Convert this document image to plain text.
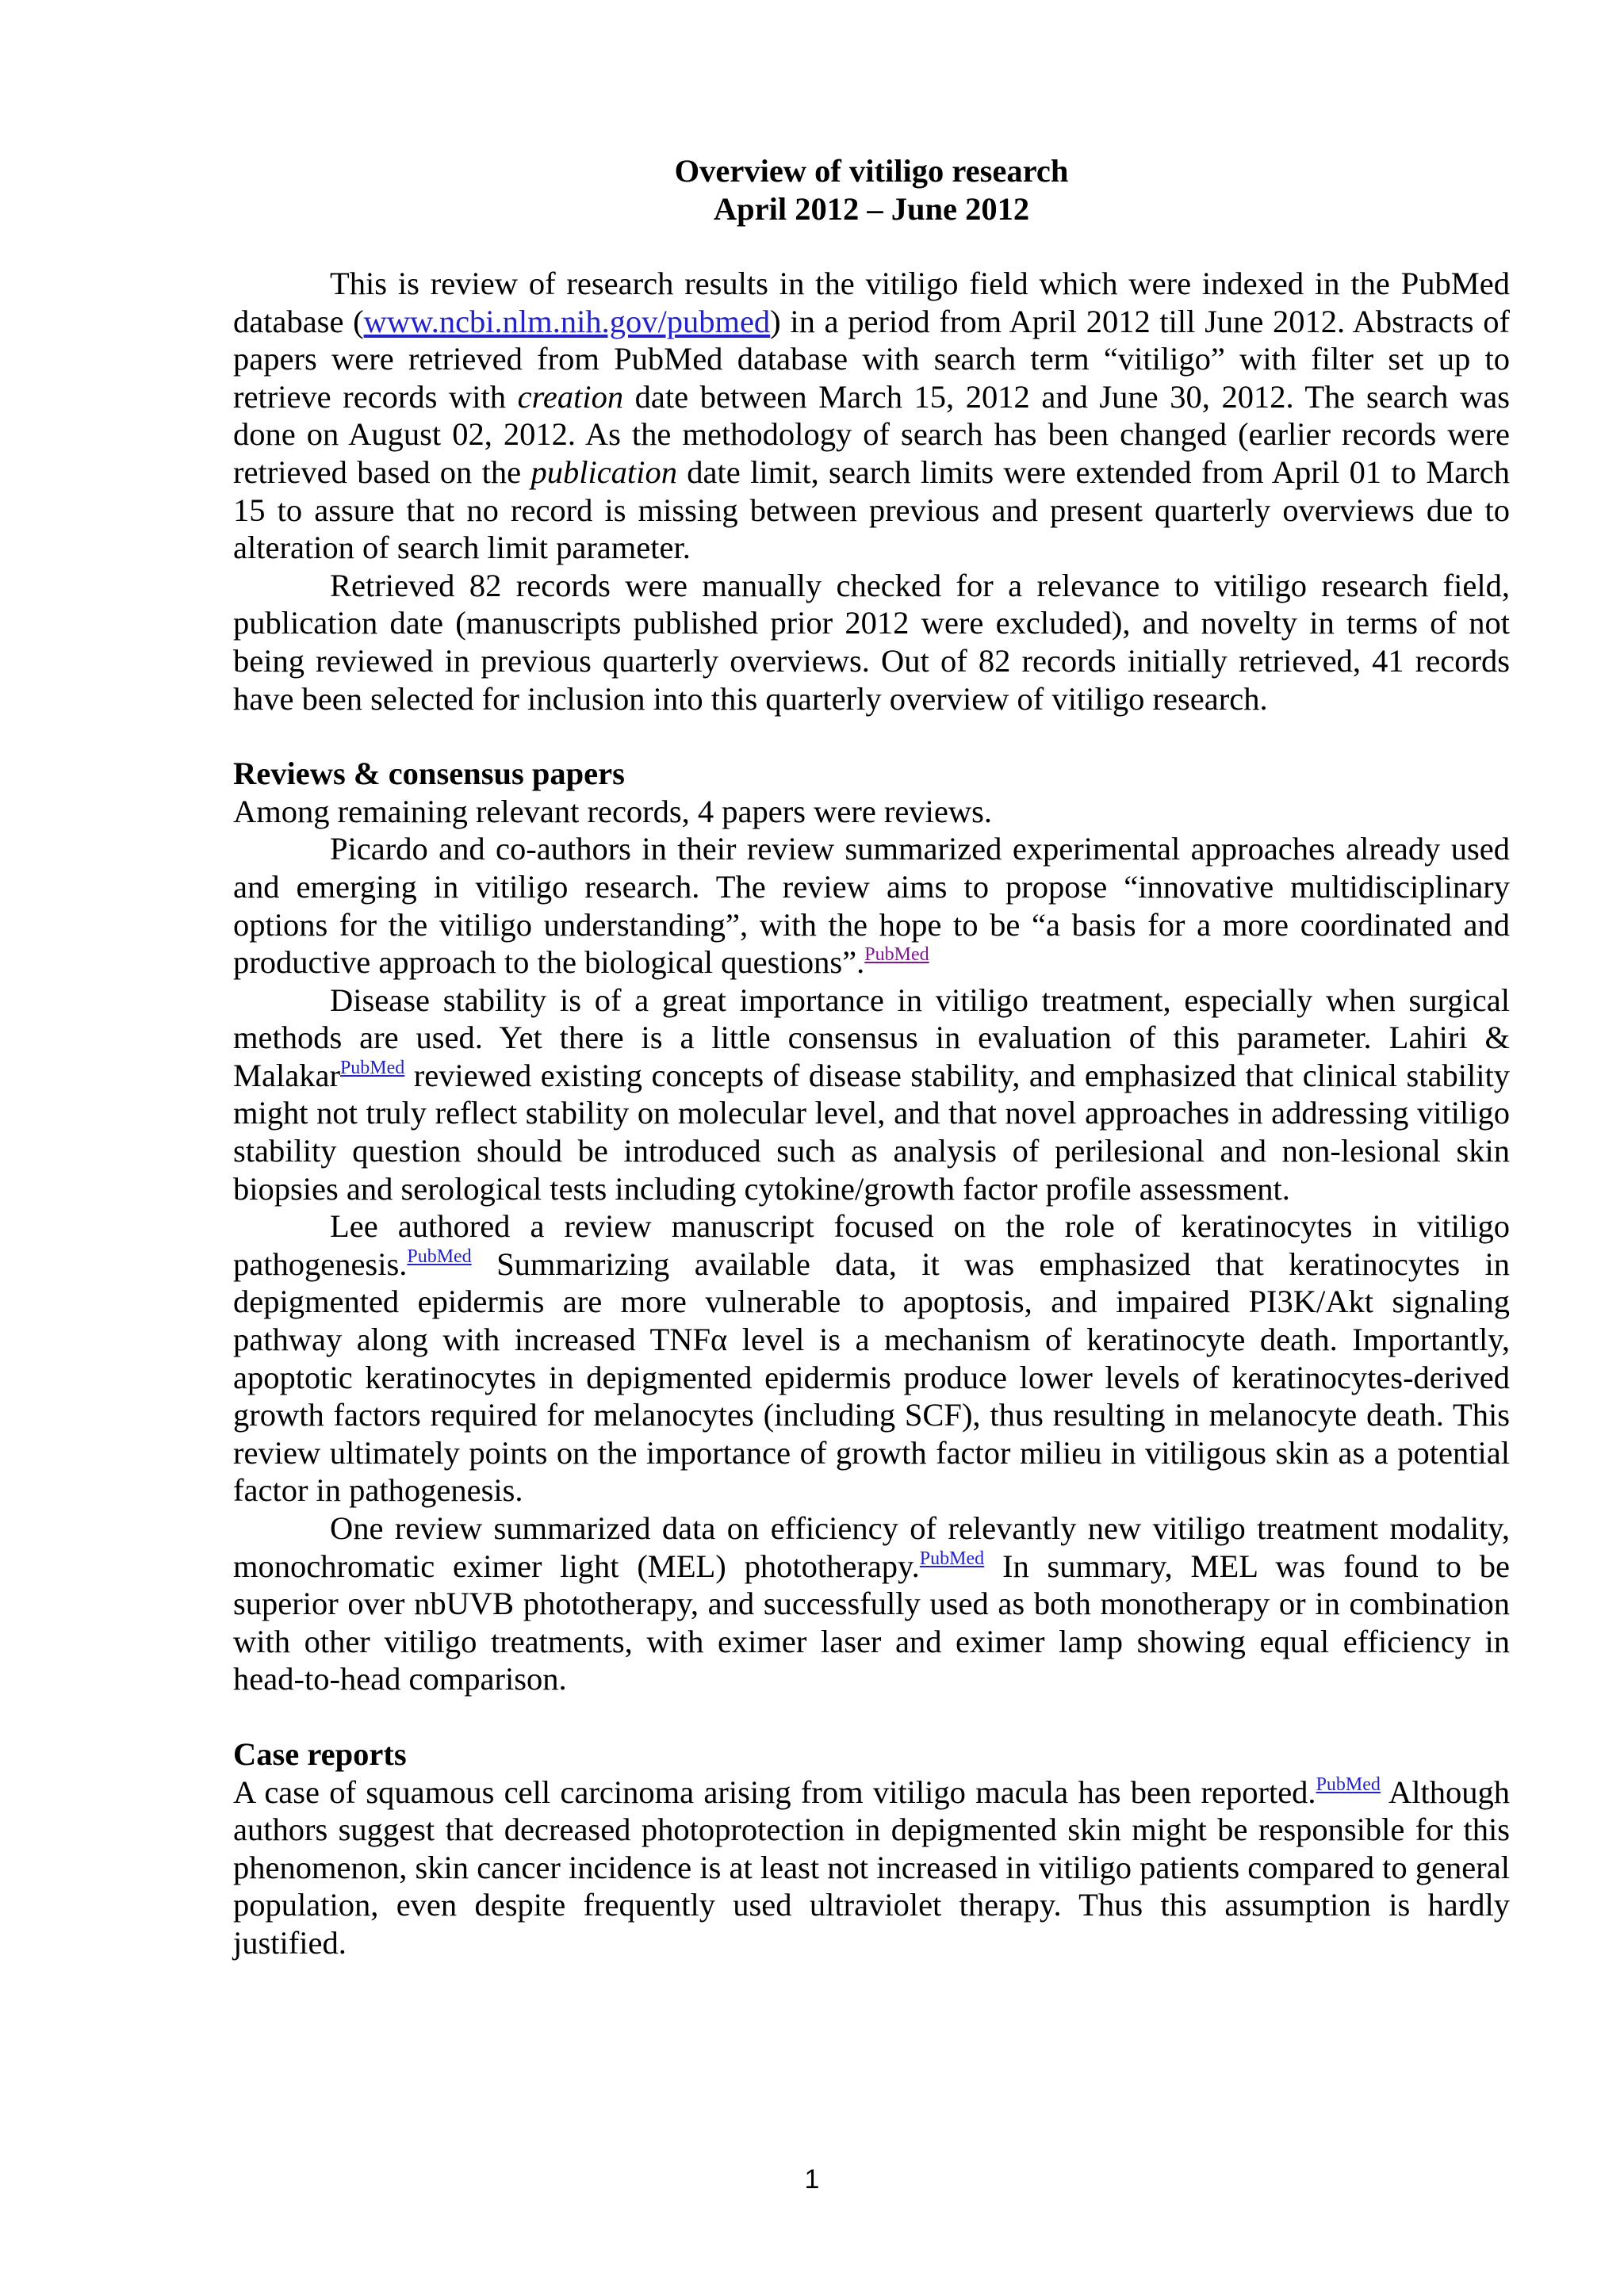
Overview of vitiligo research

April 2012 – June 2012

This is review of research results in the vitiligo field which were indexed in the PubMed database (www.ncbi.nlm.nih.gov/pubmed) in a period from April 2012 till June 2012. Abstracts of papers were retrieved from PubMed database with search term “vitiligo” with filter set up to retrieve records with creation date between March 15, 2012 and June 30, 2012. The search was done on August 02, 2012. As the methodology of search has been changed (earlier records were retrieved based on the publication date limit, search limits were extended from April 01 to March 15 to assure that no record is missing between previous and present quarterly overviews due to alteration of search limit parameter.

Retrieved 82 records were manually checked for a relevance to vitiligo research field, publication date (manuscripts published prior 2012 were excluded), and novelty in terms of not being reviewed in previous quarterly overviews. Out of 82 records initially retrieved, 41 records have been selected for inclusion into this quarterly overview of vitiligo research.

Reviews & consensus papers

Among remaining relevant records, 4 papers were reviews.

Picardo and co-authors in their review summarized experimental approaches already used and emerging in vitiligo research. The review aims to propose “innovative multidisciplinary options for the vitiligo understanding”, with the hope to be “a basis for a more coordinated and productive approach to the biological questions”.$^{PubMed}$

Disease stability is of a great importance in vitiligo treatment, especially when surgical methods are used. Yet there is a little consensus in evaluation of this parameter. Lahiri & Malakar$^{PubMed}$ reviewed existing concepts of disease stability, and emphasized that clinical stability might not truly reflect stability on molecular level, and that novel approaches in addressing vitiligo stability question should be introduced such as analysis of perilesional and non-lesional skin biopsies and serological tests including cytokine/growth factor profile assessment.

Lee authored a review manuscript focused on the role of keratinocytes in vitiligo pathogenesis.$^{PubMed}$ Summarizing available data, it was emphasized that keratinocytes in depigmented epidermis are more vulnerable to apoptosis, and impaired PI3K/Akt signaling pathway along with increased TNFα level is a mechanism of keratinocyte death. Importantly, apoptotic keratinocytes in depigmented epidermis produce lower levels of keratinocytes-derived growth factors required for melanocytes (including SCF), thus resulting in melanocyte death. This review ultimately points on the importance of growth factor milieu in vitiligous skin as a potential factor in pathogenesis.

One review summarized data on efficiency of relevantly new vitiligo treatment modality, monochromatic eximer light (MEL) phototherapy.$^{PubMed}$ In summary, MEL was found to be superior over nbUVB phototherapy, and successfully used as both monotherapy or in combination with other vitiligo treatments, with eximer laser and eximer lamp showing equal efficiency in head-to-head comparison.

Case reports

A case of squamous cell carcinoma arising from vitiligo macula has been reported.$^{PubMed}$ Although authors suggest that decreased photoprotection in depigmented skin might be responsible for this phenomenon, skin cancer incidence is at least not increased in vitiligo patients compared to general population, even despite frequently used ultraviolet therapy. Thus this assumption is hardly justified.

1
